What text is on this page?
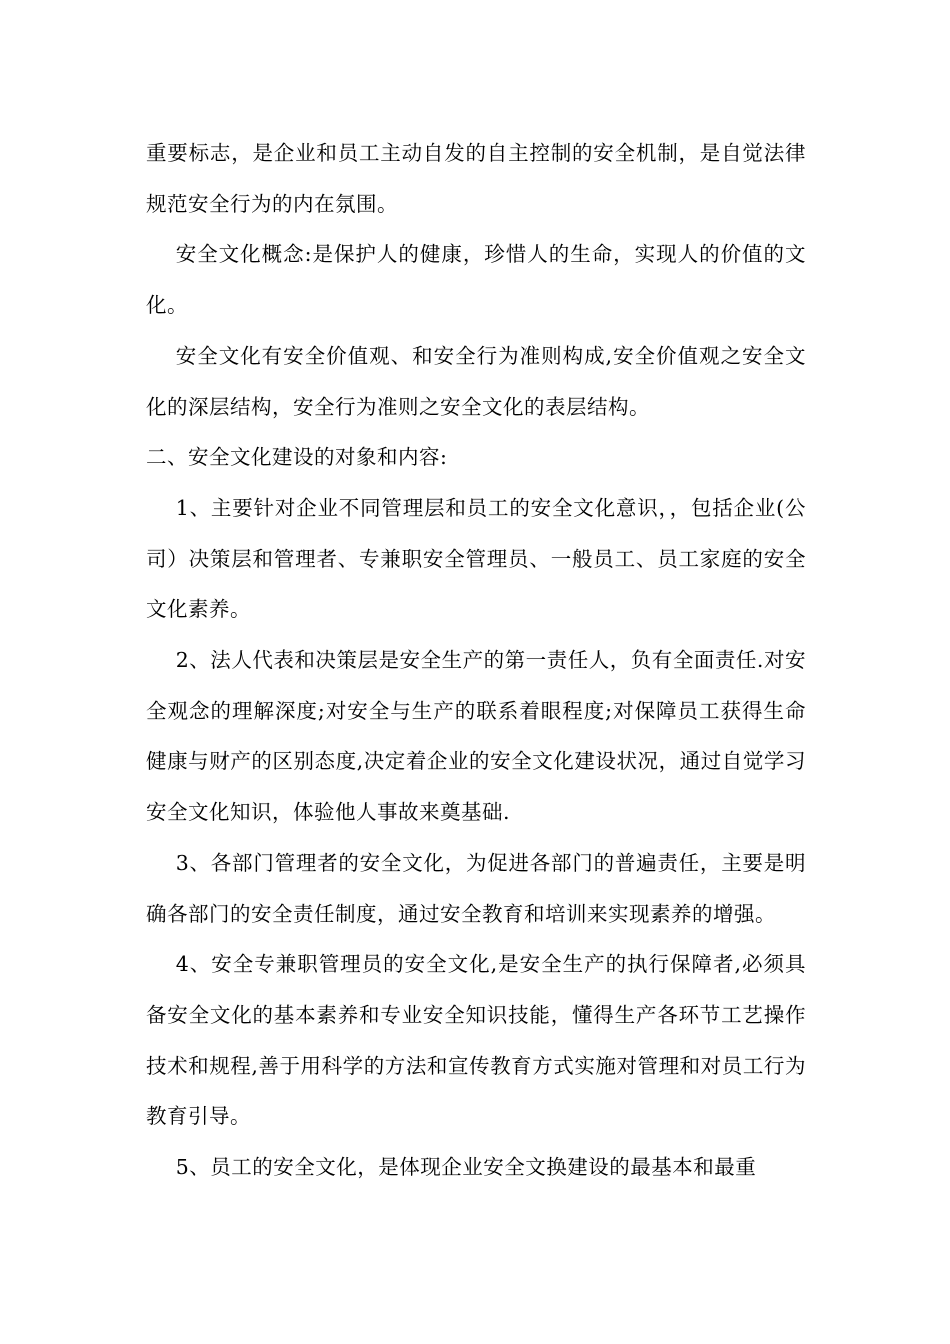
重要标志，是企业和员工主动自发的自主控制的安全机制，是自觉法律规范安全行为的内在氛围。

安全文化概念:是保护人的健康，珍惜人的生命，实现人的价值的文化。

安全文化有安全价值观、和安全行为准则构成,安全价值观之安全文化的深层结构，安全行为准则之安全文化的表层结构。

二、安全文化建设的对象和内容:

1、主要针对企业不同管理层和员工的安全文化意识，，包括企业(公司）决策层和管理者、专兼职安全管理员、一般员工、员工家庭的安全文化素养。

2、法人代表和决策层是安全生产的第一责任人，负有全面责任.对安全观念的理解深度;对安全与生产的联系着眼程度;对保障员工获得生命健康与财产的区别态度,决定着企业的安全文化建设状况，通过自觉学习安全文化知识，体验他人事故来奠基础.

3、各部门管理者的安全文化，为促进各部门的普遍责任，主要是明确各部门的安全责任制度，通过安全教育和培训来实现素养的增强。

4、安全专兼职管理员的安全文化,是安全生产的执行保障者,必须具备安全文化的基本素养和专业安全知识技能，懂得生产各环节工艺操作技术和规程,善于用科学的方法和宣传教育方式实施对管理和对员工行为教育引导。

5、员工的安全文化，是体现企业安全文换建设的最基本和最重
